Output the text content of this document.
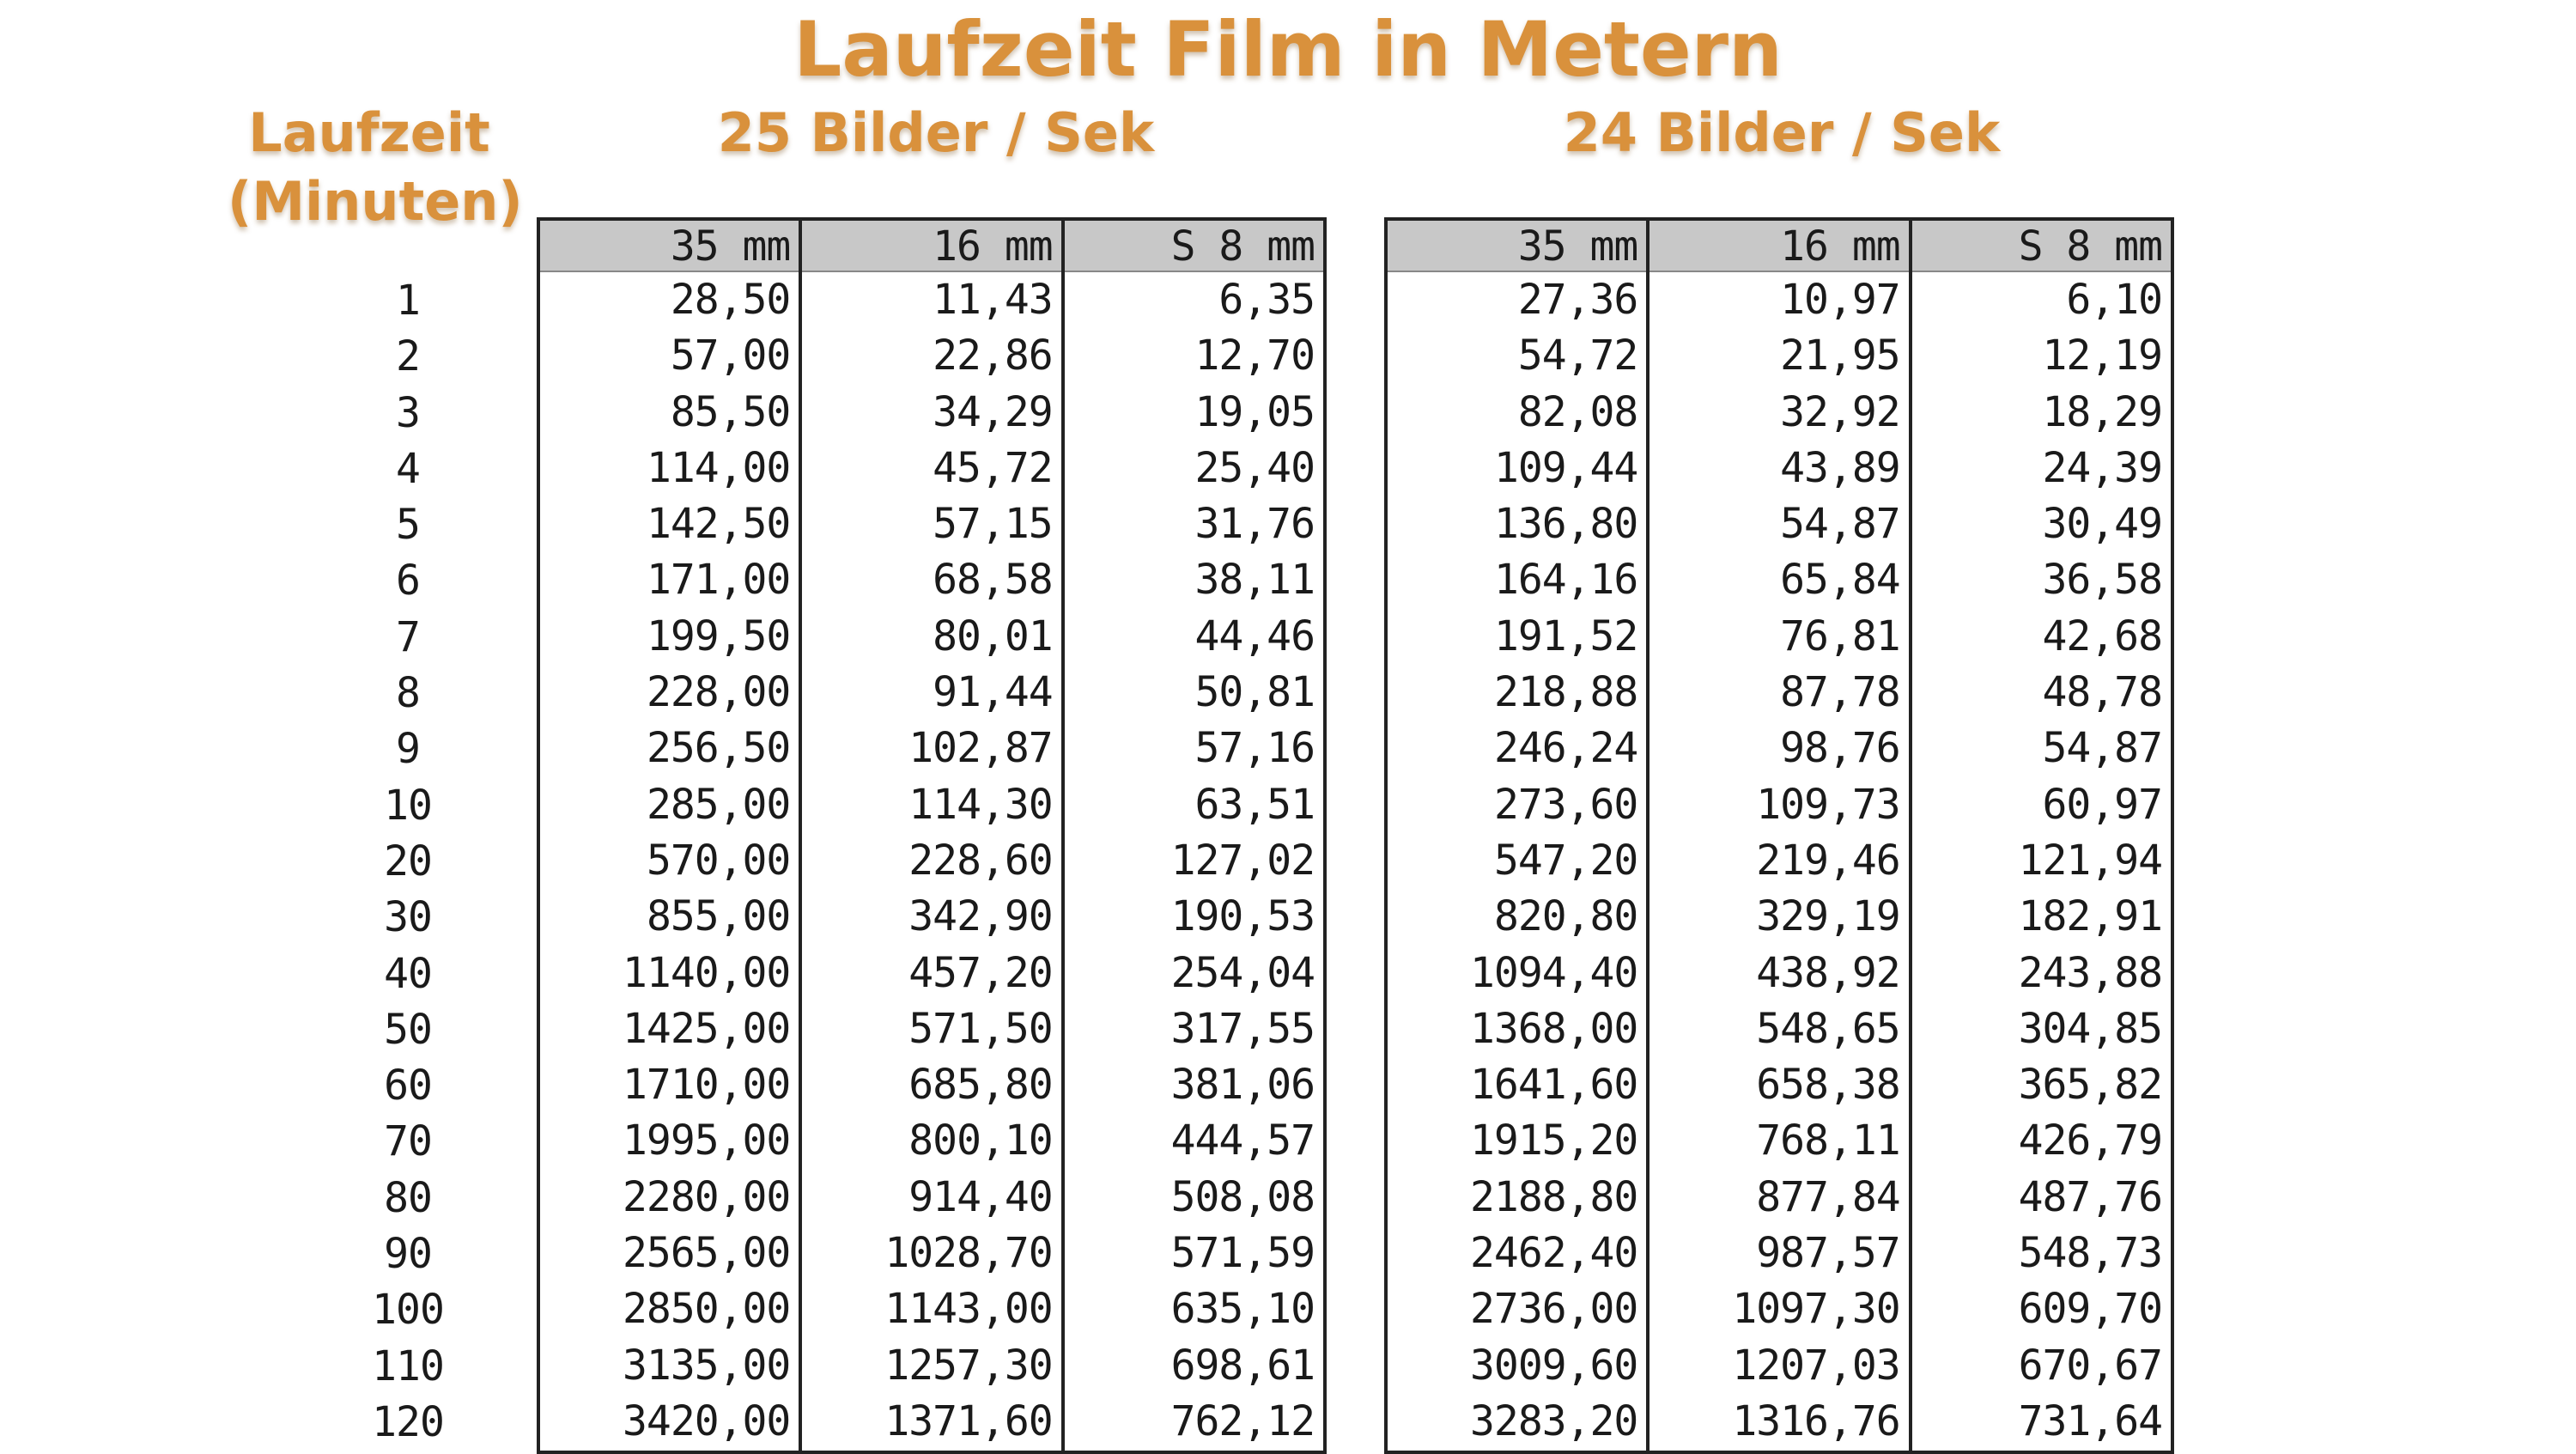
Laufzeit Film in Metern
Laufzeit
(Minuten)
25 Bilder / Sek	24 Bilder / Sek
1
2
3
4
5
6
7
8
9
10
20
30
40
50
60
70
80
90
100
110
120
35 mm
28,50
57,00
85,50
114,00
142,50
171,00
199,50
228,00
256,50
285,00
570,00
855,00
1140,00
1425,00
1710,00
1995,00
2280,00
2565,00
2850,00
3135,00
3420,00
16 mm
11,43
22,86
34,29
45,72
57,15
68,58
80,01
91,44
102,87
114,30
228,60
342,90
457,20
571,50
685,80
800,10
914,40
1028,70
1143,00
1257,30
1371,60
S 8 mm
6,35
12,70
19,05
25,40
31,76
38,11
44,46
50,81
57,16
63,51
127,02
190,53
254,04
317,55
381,06
444,57
508,08
571,59
635,10
698,61
762,12
35 mm
27,36
54,72
82,08
109,44
136,80
164,16
191,52
218,88
246,24
273,60
547,20
820,80
1094,40
1368,00
1641,60
1915,20
2188,80
2462,40
2736,00
3009,60
3283,20
16 mm
10,97
21,95
32,92
43,89
54,87
65,84
76,81
87,78
98,76
109,73
219,46
329,19
438,92
548,65
658,38
768,11
877,84
987,57
1097,30
1207,03
1316,76
S 8 mm
6,10
12,19
18,29
24,39
30,49
36,58
42,68
48,78
54,87
60,97
121,94
182,91
243,88
304,85
365,82
426,79
487,76
548,73
609,70
670,67
731,64
